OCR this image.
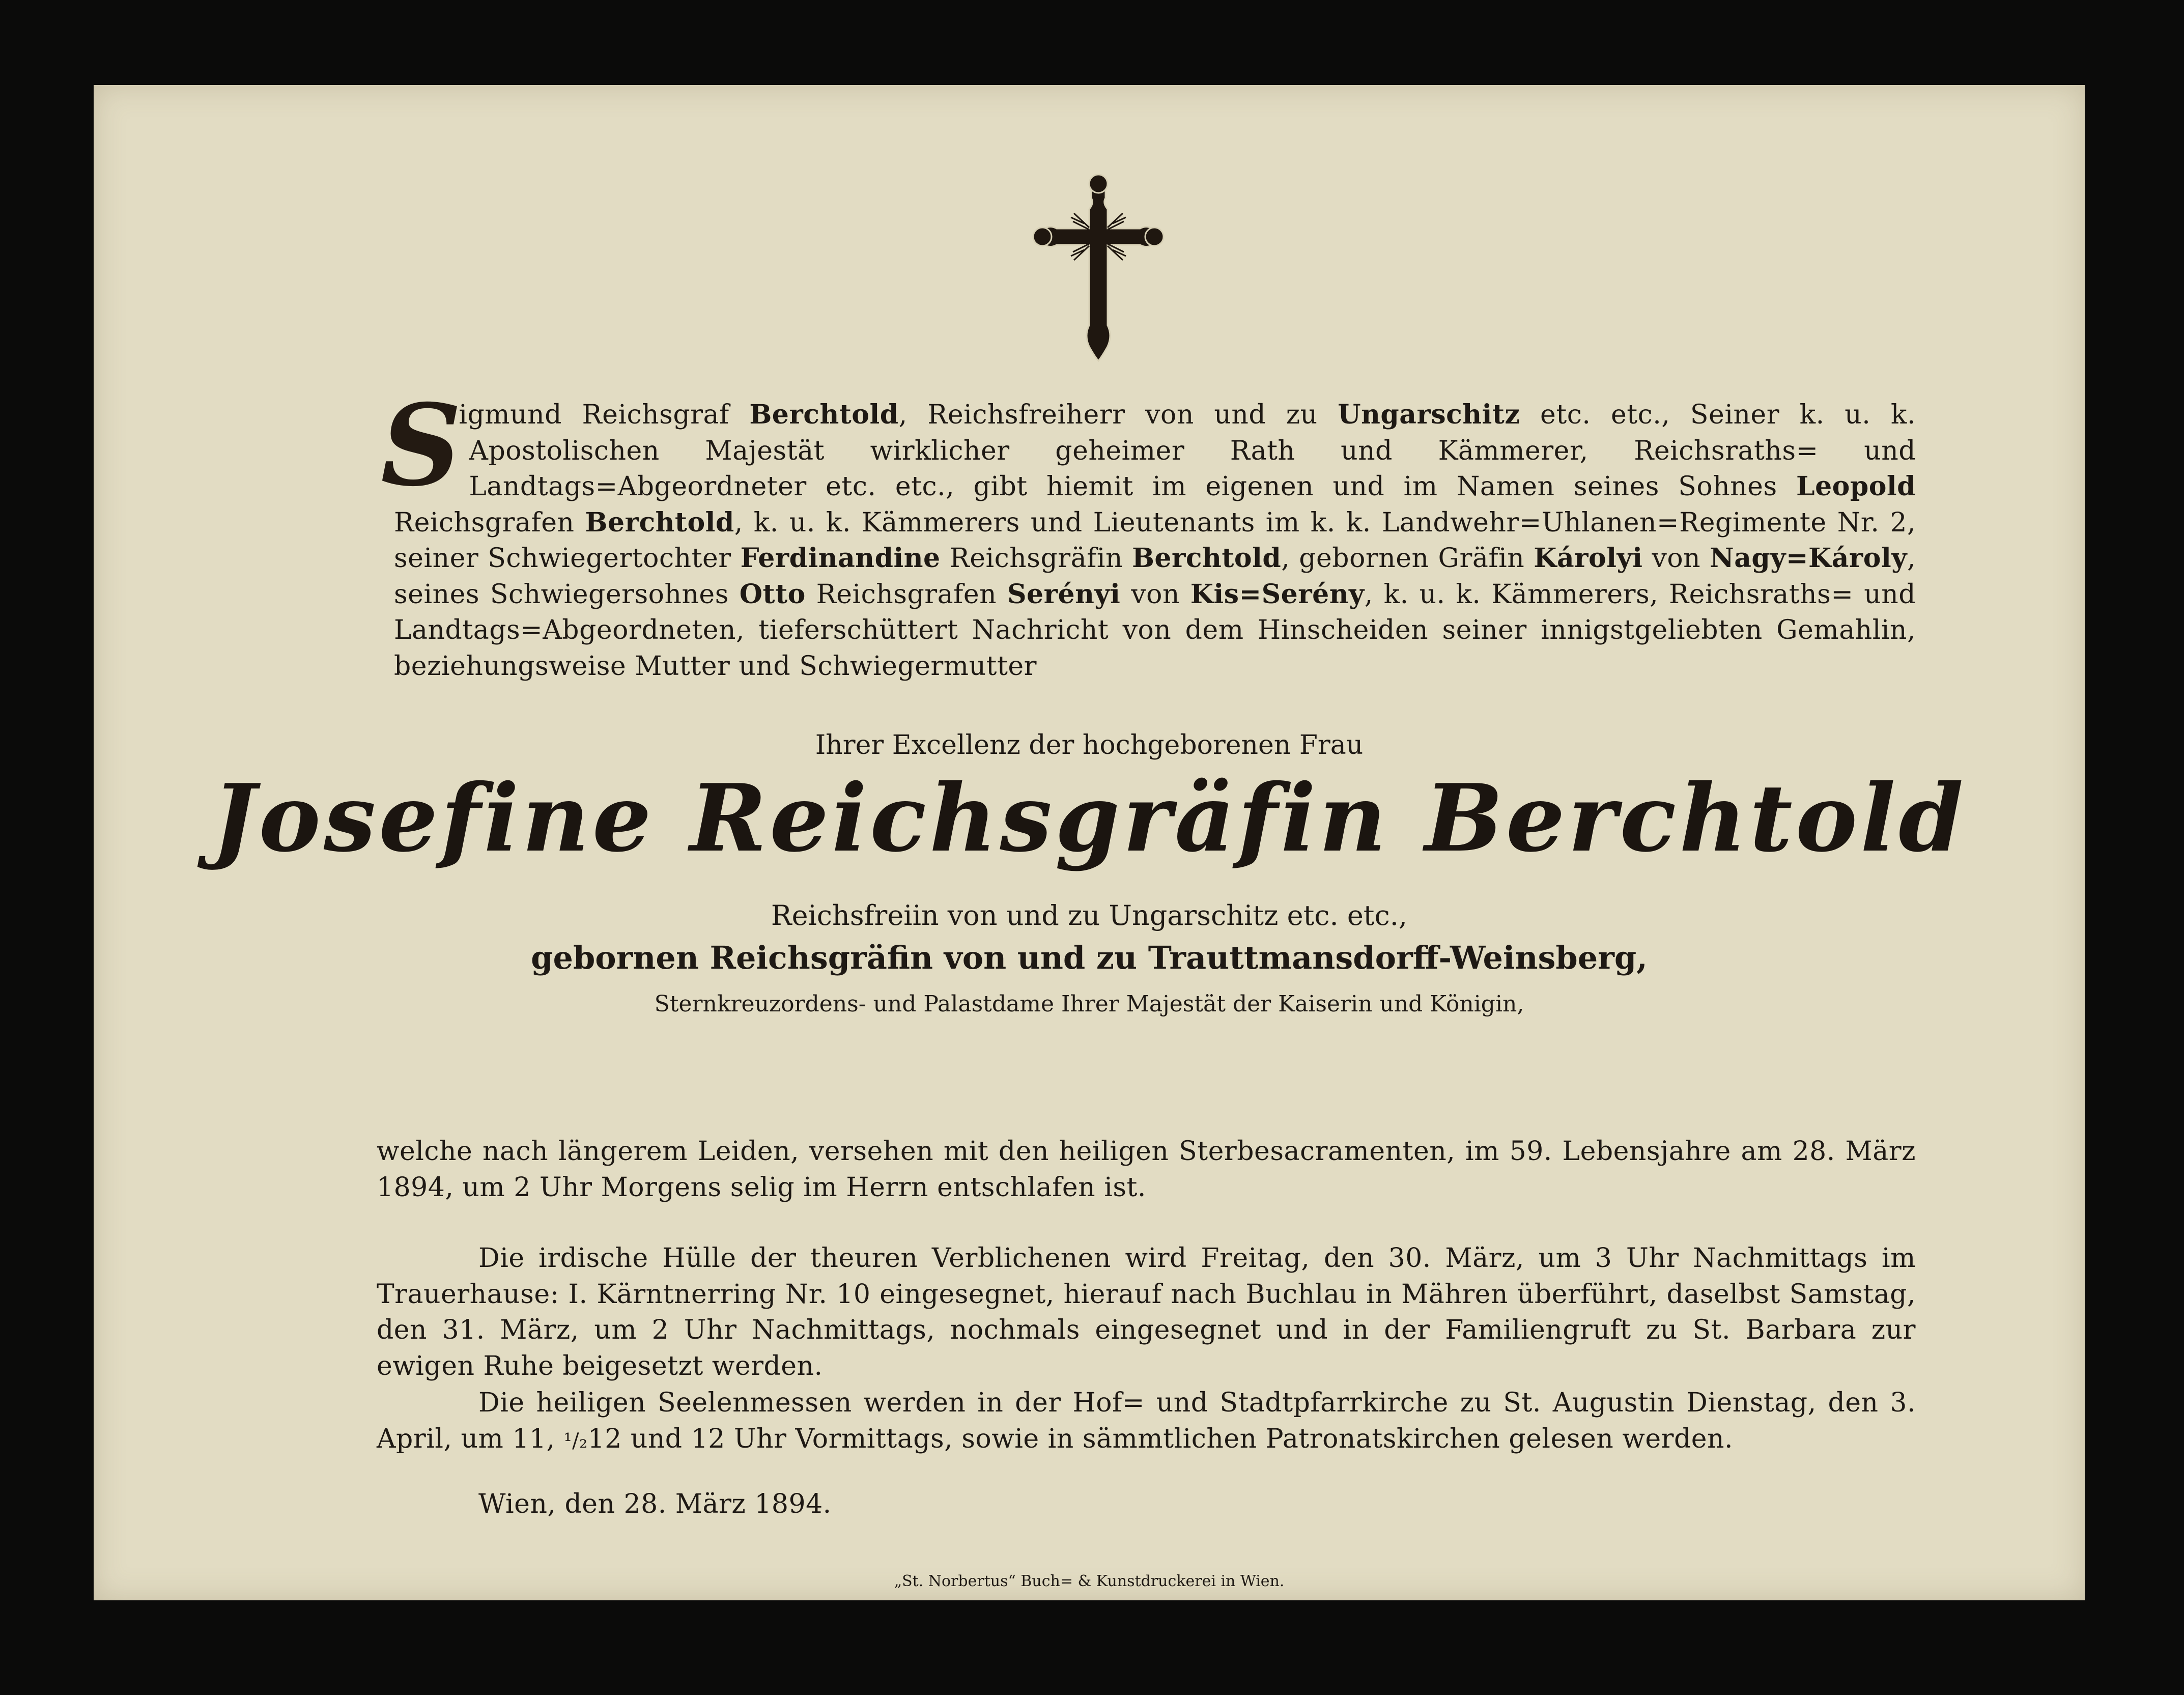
S
igmund Reichsgraf Berchtold, Reichsfreiherr von und zu Ungarschitz etc. etc., Seiner k. u. k. Apostolischen Majestät wirklicher geheimer Rath und Kämmerer, Reichsraths= und Landtags=Abgeordneter etc. etc., gibt hiemit im eigenen und im Namen seines Sohnes Leopold Reichsgrafen Berchtold, k. u. k. Kämmerers und Lieutenants im k. k. Landwehr=Uhlanen=Regimente Nr. 2, seiner Schwiegertochter Ferdinandine Reichsgräfin Berchtold, gebornen Gräfin Károlyi von Nagy=Károly, seines Schwiegersohnes Otto Reichsgrafen Serényi von Kis=Serény, k. u. k. Kämmerers, Reichsraths= und Landtags=Abgeordneten, tieferschüttert Nachricht von dem Hinscheiden seiner innigstgeliebten Gemahlin, beziehungsweise Mutter und Schwiegermutter

Ihrer Excellenz der hochgeborenen Frau

Josefine Reichsgräfin Berchtold

Reichsfreiin von und zu Ungarschitz etc. etc.,

gebornen Reichsgräfin von und zu Trauttmansdorff-Weinsberg,

Sternkreuzordens- und Palastdame Ihrer Majestät der Kaiserin und Königin,

welche nach längerem Leiden, versehen mit den heiligen Sterbesacramenten, im 59. Lebensjahre am 28. März 1894, um 2 Uhr Morgens selig im Herrn entschlafen ist.

Die irdische Hülle der theuren Verblichenen wird Freitag, den 30. März, um 3 Uhr Nachmittags im Trauerhause: I. Kärntnerring Nr. 10 eingesegnet, hierauf nach Buchlau in Mähren überführt, daselbst Samstag, den 31. März, um 2 Uhr Nachmittags, nochmals eingesegnet und in der Familiengruft zu St. Barbara zur ewigen Ruhe beigesetzt werden.

Die heiligen Seelenmessen werden in der Hof= und Stadtpfarrkirche zu St. Augustin Dienstag, den 3. April, um 11, ¹/₂12 und 12 Uhr Vormittags, sowie in sämmtlichen Patronatskirchen gelesen werden.

Wien, den 28. März 1894.

„St. Norbertus“ Buch= & Kunstdruckerei in Wien.
